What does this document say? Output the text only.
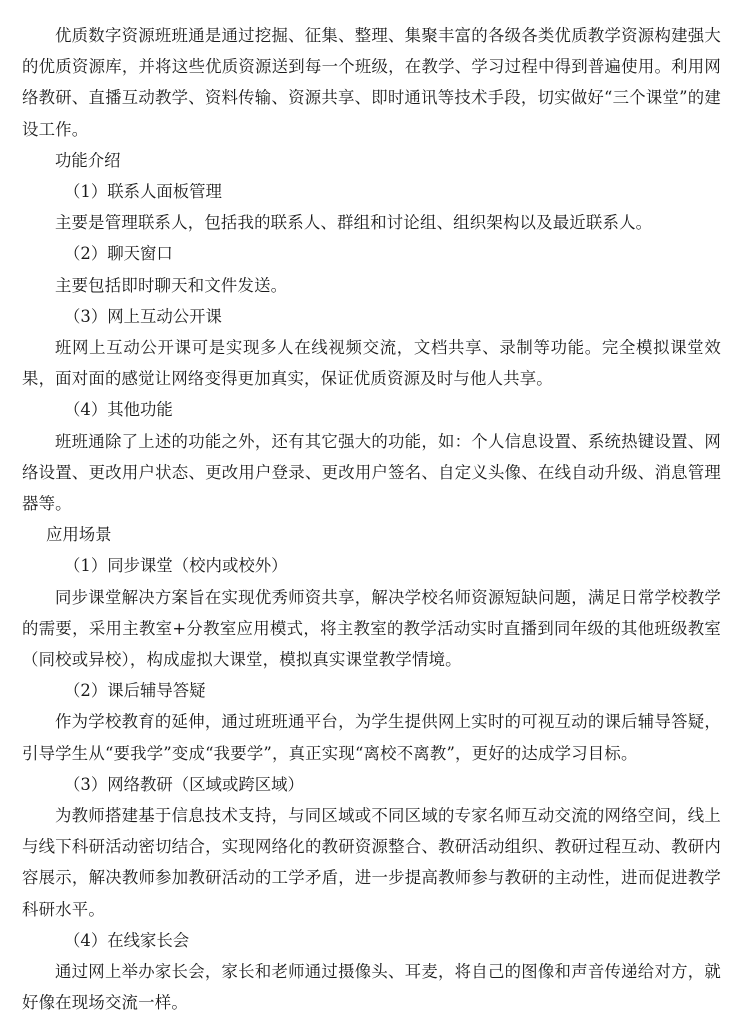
优质数字资源班班通是通过挖掘、征集、整理、集聚丰富的各级各类优质教学资源构建强大的优质资源库，并将这些优质资源送到每一个班级，在教学、学习过程中得到普遍使用。利用网络教研、直播互动教学、资料传输、资源共享、即时通讯等技术手段，切实做好“三个课堂”的建设工作。

功能介绍

（1）联系人面板管理

主要是管理联系人，包括我的联系人、群组和讨论组、组织架构以及最近联系人。

（2）聊天窗口

主要包括即时聊天和文件发送。

（3）网上互动公开课

班网上互动公开课可是实现多人在线视频交流，文档共享、录制等功能。完全模拟课堂效果，面对面的感觉让网络变得更加真实，保证优质资源及时与他人共享。

（4）其他功能

班班通除了上述的功能之外，还有其它强大的功能，如：个人信息设置、系统热键设置、网络设置、更改用户状态、更改用户登录、更改用户签名、自定义头像、在线自动升级、消息管理器等。

应用场景

（1）同步课堂（校内或校外）

同步课堂解决方案旨在实现优秀师资共享，解决学校名师资源短缺问题，满足日常学校教学的需要，采用主教室+分教室应用模式，将主教室的教学活动实时直播到同年级的其他班级教室（同校或异校），构成虚拟大课堂，模拟真实课堂教学情境。

（2）课后辅导答疑

作为学校教育的延伸，通过班班通平台，为学生提供网上实时的可视互动的课后辅导答疑，引导学生从“要我学”变成“我要学”，真正实现“离校不离教”，更好的达成学习目标。

（3）网络教研（区域或跨区域）

为教师搭建基于信息技术支持，与同区域或不同区域的专家名师互动交流的网络空间，线上与线下科研活动密切结合，实现网络化的教研资源整合、教研活动组织、教研过程互动、教研内容展示，解决教师参加教研活动的工学矛盾，进一步提高教师参与教研的主动性，进而促进教学科研水平。

（4）在线家长会

通过网上举办家长会，家长和老师通过摄像头、耳麦，将自己的图像和声音传递给对方，就好像在现场交流一样。
